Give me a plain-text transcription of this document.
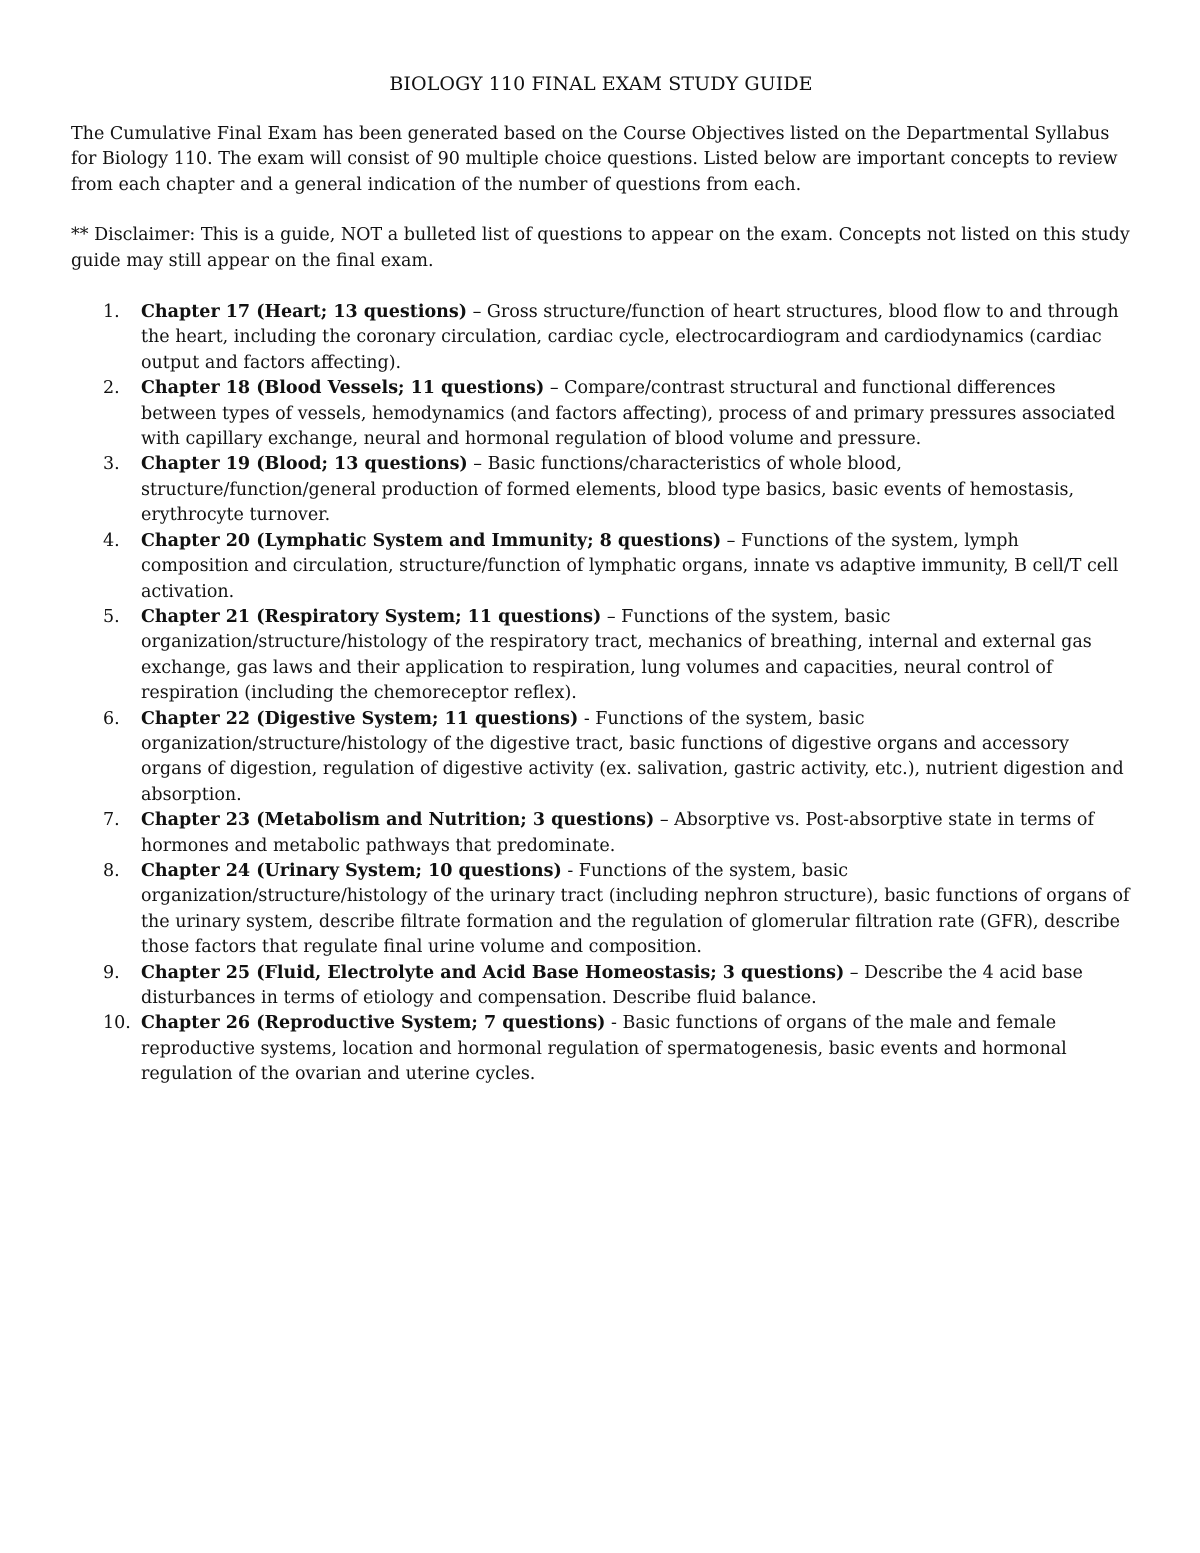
BIOLOGY 110 FINAL EXAM STUDY GUIDE

The Cumulative Final Exam has been generated based on the Course Objectives listed on the Departmental Syllabus for Biology 110. The exam will consist of 90 multiple choice questions. Listed below are important concepts to review from each chapter and a general indication of the number of questions from each.

** Disclaimer: This is a guide, NOT a bulleted list of questions to appear on the exam. Concepts not listed on this study guide may still appear on the final exam.

1.	Chapter 17 (Heart; 13 questions) – Gross structure/function of heart structures, blood flow to and through the heart, including the coronary circulation, cardiac cycle, electrocardiogram and cardiodynamics (cardiac output and factors affecting).
2.	Chapter 18 (Blood Vessels; 11 questions) – Compare/contrast structural and functional differences between types of vessels, hemodynamics (and factors affecting), process of and primary pressures associated with capillary exchange, neural and hormonal regulation of blood volume and pressure.
3.	Chapter 19 (Blood; 13 questions) – Basic functions/characteristics of whole blood, structure/function/general production of formed elements, blood type basics, basic events of hemostasis, erythrocyte turnover.
4.	Chapter 20 (Lymphatic System and Immunity; 8 questions) – Functions of the system, lymph composition and circulation, structure/function of lymphatic organs, innate vs adaptive immunity, B cell/T cell activation.
5.	Chapter 21 (Respiratory System; 11 questions) – Functions of the system, basic organization/structure/histology of the respiratory tract, mechanics of breathing, internal and external gas exchange, gas laws and their application to respiration, lung volumes and capacities, neural control of respiration (including the chemoreceptor reflex).
6.	Chapter 22 (Digestive System; 11 questions) - Functions of the system, basic organization/structure/histology of the digestive tract, basic functions of digestive organs and accessory organs of digestion, regulation of digestive activity (ex. salivation, gastric activity, etc.), nutrient digestion and absorption.
7.	Chapter 23 (Metabolism and Nutrition; 3 questions) – Absorptive vs. Post-absorptive state in terms of hormones and metabolic pathways that predominate.
8.	Chapter 24 (Urinary System; 10 questions) - Functions of the system, basic organization/structure/histology of the urinary tract (including nephron structure), basic functions of organs of the urinary system, describe filtrate formation and the regulation of glomerular filtration rate (GFR), describe those factors that regulate final urine volume and composition.
9.	Chapter 25 (Fluid, Electrolyte and Acid Base Homeostasis; 3 questions) – Describe the 4 acid base disturbances in terms of etiology and compensation. Describe fluid balance.
10. Chapter 26 (Reproductive System; 7 questions) - Basic functions of organs of the male and female reproductive systems, location and hormonal regulation of spermatogenesis, basic events and hormonal regulation of the ovarian and uterine cycles.
